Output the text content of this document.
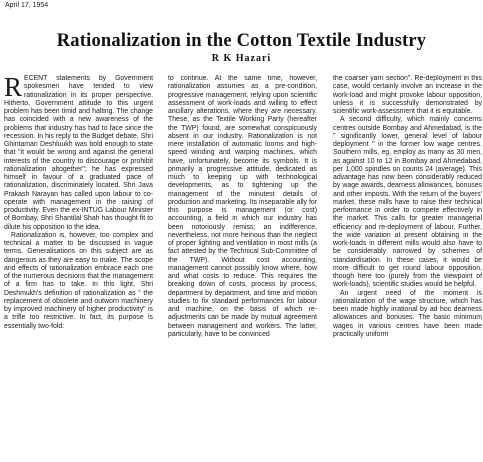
April 17, 1954
Rationalization in the Cotton Textile Industry
R K Hazari

R ECENT statements by Government spokesmen have tended to view rationalization in its proper perspective. Hitherto, Government attitude to this urgent problem has been timid and halting. The change has coincided with a new awareness of the problems that industry has had to face since the recession. In his reply to the Budget debate, Shri Ghintaman Deshluukh was bold enough to state that "it would be wrong and against the general interests of the country to discourage or prohibit rationalization altogether"; he has expressed himself in favour of a graduated pace of rationalization, discriminately located. Shri Java Prakash Narayan has called upon labour to co-operate with management in the raising of productivity. Even the ex-INTUG Labour Minister of Bombay, Shri Shantilal Shah has thought fit to dilute his opposition to the idea.

Rationalization is, however, too complex and technical a matter to be discussed in vague terms. Generalisations on this subject are as dangerous as they are easy to make. The scope and effects of rationalization embrace each one of the numerous decisions that the management of a firm has to take. In this light, Shri Deshmukh's definition of rationalization as " the replacement of obsolete and outworn machinery by improved machinery of higher productivity" is a trifle too restrictive. In fact, its purpose is essentially two-fold:

to continue. At the same time, however, rationalization assumes as a pre-condition, progressive management, relying upon scientific assessment of work-loads and willing to effect ancillary alterations, where they are necessary. These, as the Textile Working Party (hereafter the TWP) found, are somewhat conspicuously absent in our industry. Rationalization is not mere installation of automatic looms and high-speed winding and warping machines, which have, unfortunately, become its symbols. It is primarily a progressive attitude, dedicated as much to keeping up with technological developments, as to tightening up the management of the minutest details of production and marketing. Its inseparable ally for this purpose is management (or cost) accounting, a field in which our industry has been notoriously remiss; an indifference, nevertheless, not more heinous than the neglect of proper lighting and ventilation in most mills (a fact attested by the Technical Sub-Committee of the TWP). Without cost accounting, management cannot possibly know where, how and what costs to reduce. This requires the breaking down of costs, process by process, department by department, and time and motion studies to fix standard performances for labour and machine, on the basis of which re-adjustments can be made by mutual agreement between management and workers. The latter, particularly, have to be convinced

the coarser yarn section". Re-deployment in this case, would certainly involve an increase in the work-load and might provoke labour opposition, unless it is successfully demonstrated by scientific work-assessment that it is equitable.

A second difficulty, which mainly concerns centres outside Bombay and Ahmedabad, is the " significantly lower, general level of labour deployment " in the former low wage centres. Southern mills, eg, employ as many as 30 men, as against 10 to 12 in Bombay and Ahmedabad, per 1,000 spindles on counts 24 (average). This advantage has now been considerably reduced by wage awards, dearness allowances, bonuses and other imposts. With the return of the buyers' market, these mills have to raise their technical performance in order to compete effectively in the market. This calls for greater managerial efficiency and re-deployment of labour. Further, the wide variation at present obtaining in the work-loads in different mills would also have to be considerably narrowed by schemes of standardisation. In these cases, it would be more difficult to get round labour opposition, though here too (purely from the viewpoint of work-loads), scientific studies would be helpful.

An urgent need of the moment is rationalization of the wage structure, which has been made highly irrational by ad hoc dearness allowances and bonuses. The basic minimum wages in various centres have been made practically uniform
